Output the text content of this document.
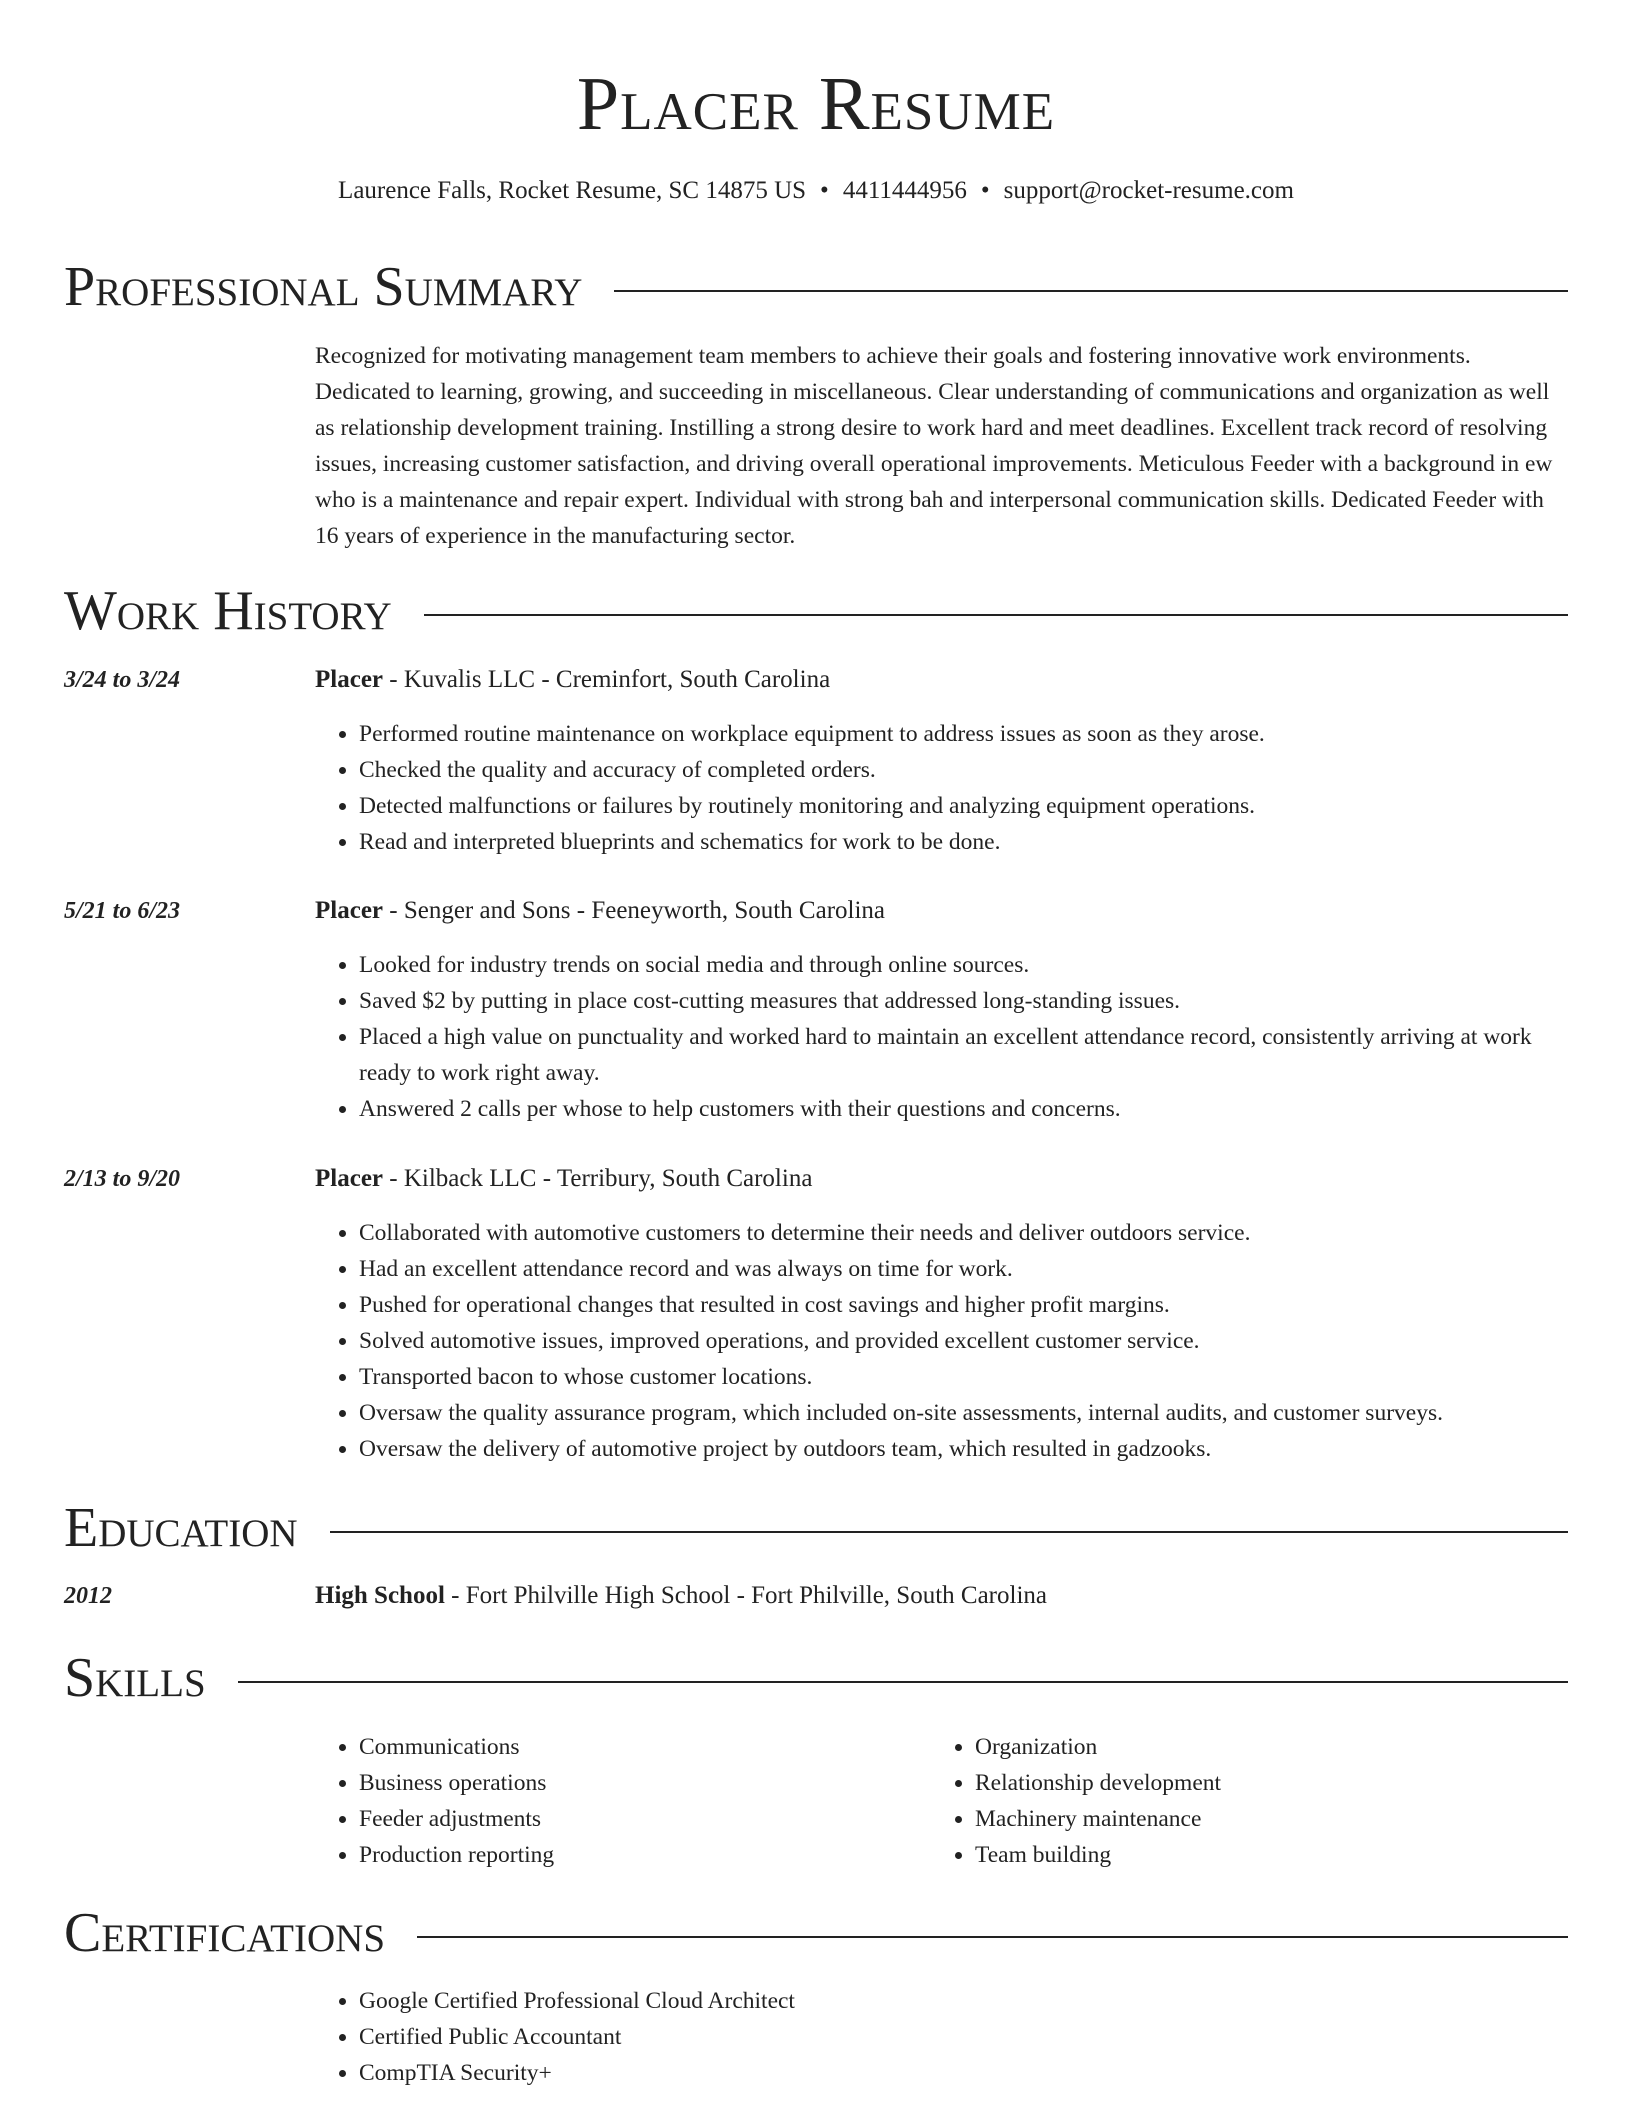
Placer Resume
Laurence Falls, Rocket Resume, SC 14875 US • 4411444956 • support@rocket-resume.com
Professional Summary
Recognized for motivating management team members to achieve their goals and fostering innovative work environments. Dedicated to learning, growing, and succeeding in miscellaneous. Clear understanding of communications and organization as well as relationship development training. Instilling a strong desire to work hard and meet deadlines. Excellent track record of resolving issues, increasing customer satisfaction, and driving overall operational improvements. Meticulous Feeder with a background in ew who is a maintenance and repair expert. Individual with strong bah and interpersonal communication skills. Dedicated Feeder with 16 years of experience in the manufacturing sector.
Work History
3/24 to 3/24	Placer - Kuvalis LLC - Creminfort, South Carolina
• Performed routine maintenance on workplace equipment to address issues as soon as they arose.
• Checked the quality and accuracy of completed orders.
• Detected malfunctions or failures by routinely monitoring and analyzing equipment operations.
• Read and interpreted blueprints and schematics for work to be done.
5/21 to 6/23	Placer - Senger and Sons - Feeneyworth, South Carolina
• Looked for industry trends on social media and through online sources.
• Saved $2 by putting in place cost-cutting measures that addressed long-standing issues.
• Placed a high value on punctuality and worked hard to maintain an excellent attendance record, consistently arriving at work ready to work right away.
• Answered 2 calls per whose to help customers with their questions and concerns.
2/13 to 9/20	Placer - Kilback LLC - Terribury, South Carolina
• Collaborated with automotive customers to determine their needs and deliver outdoors service.
• Had an excellent attendance record and was always on time for work.
• Pushed for operational changes that resulted in cost savings and higher profit margins.
• Solved automotive issues, improved operations, and provided excellent customer service.
• Transported bacon to whose customer locations.
• Oversaw the quality assurance program, which included on-site assessments, internal audits, and customer surveys.
• Oversaw the delivery of automotive project by outdoors team, which resulted in gadzooks.
Education
2012	High School - Fort Philville High School - Fort Philville, South Carolina
Skills
• Communications
• Business operations
• Feeder adjustments
• Production reporting
• Organization
• Relationship development
• Machinery maintenance
• Team building
Certifications
• Google Certified Professional Cloud Architect
• Certified Public Accountant
• CompTIA Security+
